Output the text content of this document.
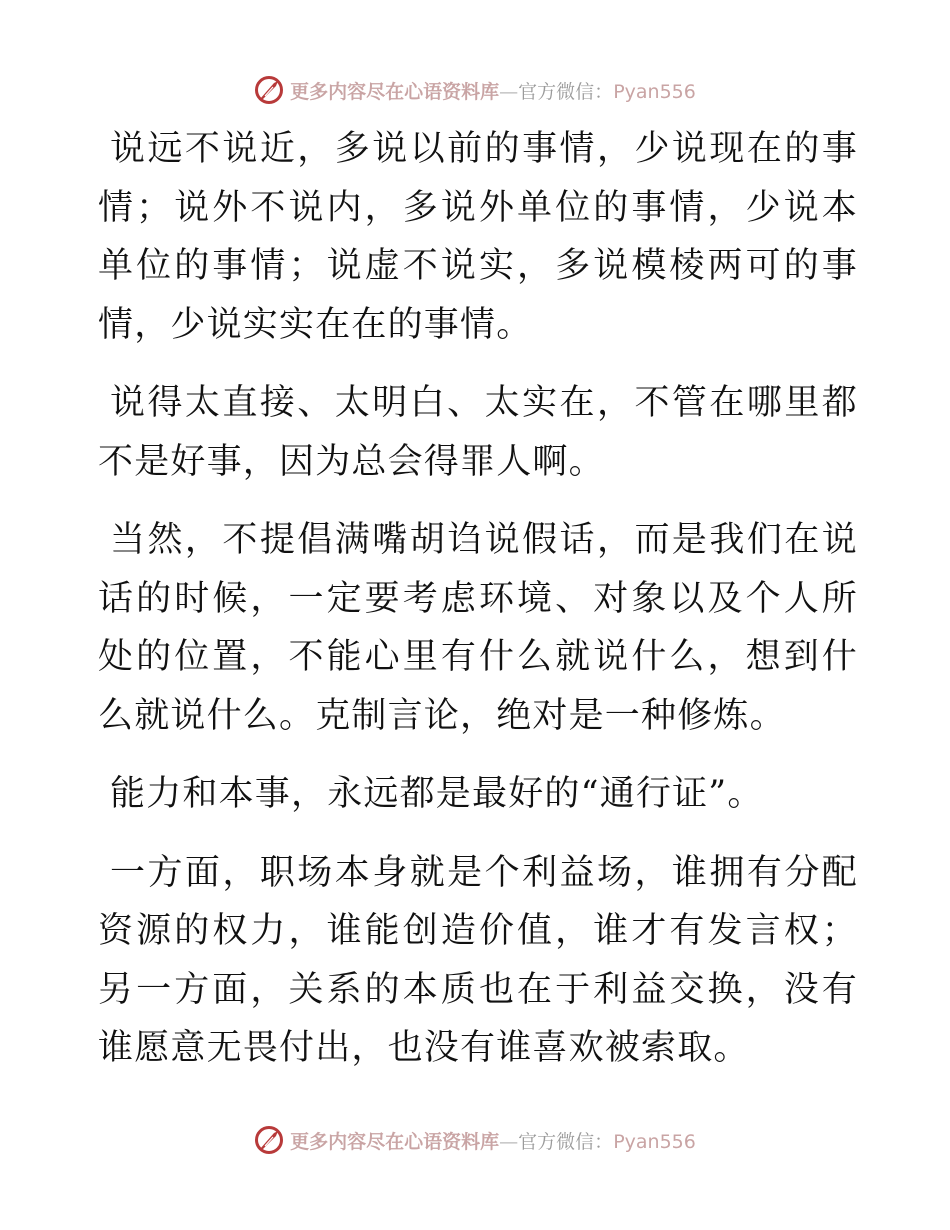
更多内容尽在心语资料库—官方微信：Pyan556

说远不说近，多说以前的事情，少说现在的事情；说外不说内，多说外单位的事情，少说本单位的事情；说虚不说实，多说模棱两可的事情，少说实实在在的事情。

说得太直接、太明白、太实在，不管在哪里都不是好事，因为总会得罪人啊。

当然，不提倡满嘴胡诌说假话，而是我们在说话的时候，一定要考虑环境、对象以及个人所处的位置，不能心里有什么就说什么，想到什么就说什么。克制言论，绝对是一种修炼。

能力和本事，永远都是最好的“通行证”。

一方面，职场本身就是个利益场，谁拥有分配资源的权力，谁能创造价值，谁才有发言权；另一方面，关系的本质也在于利益交换，没有谁愿意无畏付出，也没有谁喜欢被索取。

更多内容尽在心语资料库—官方微信：Pyan556
